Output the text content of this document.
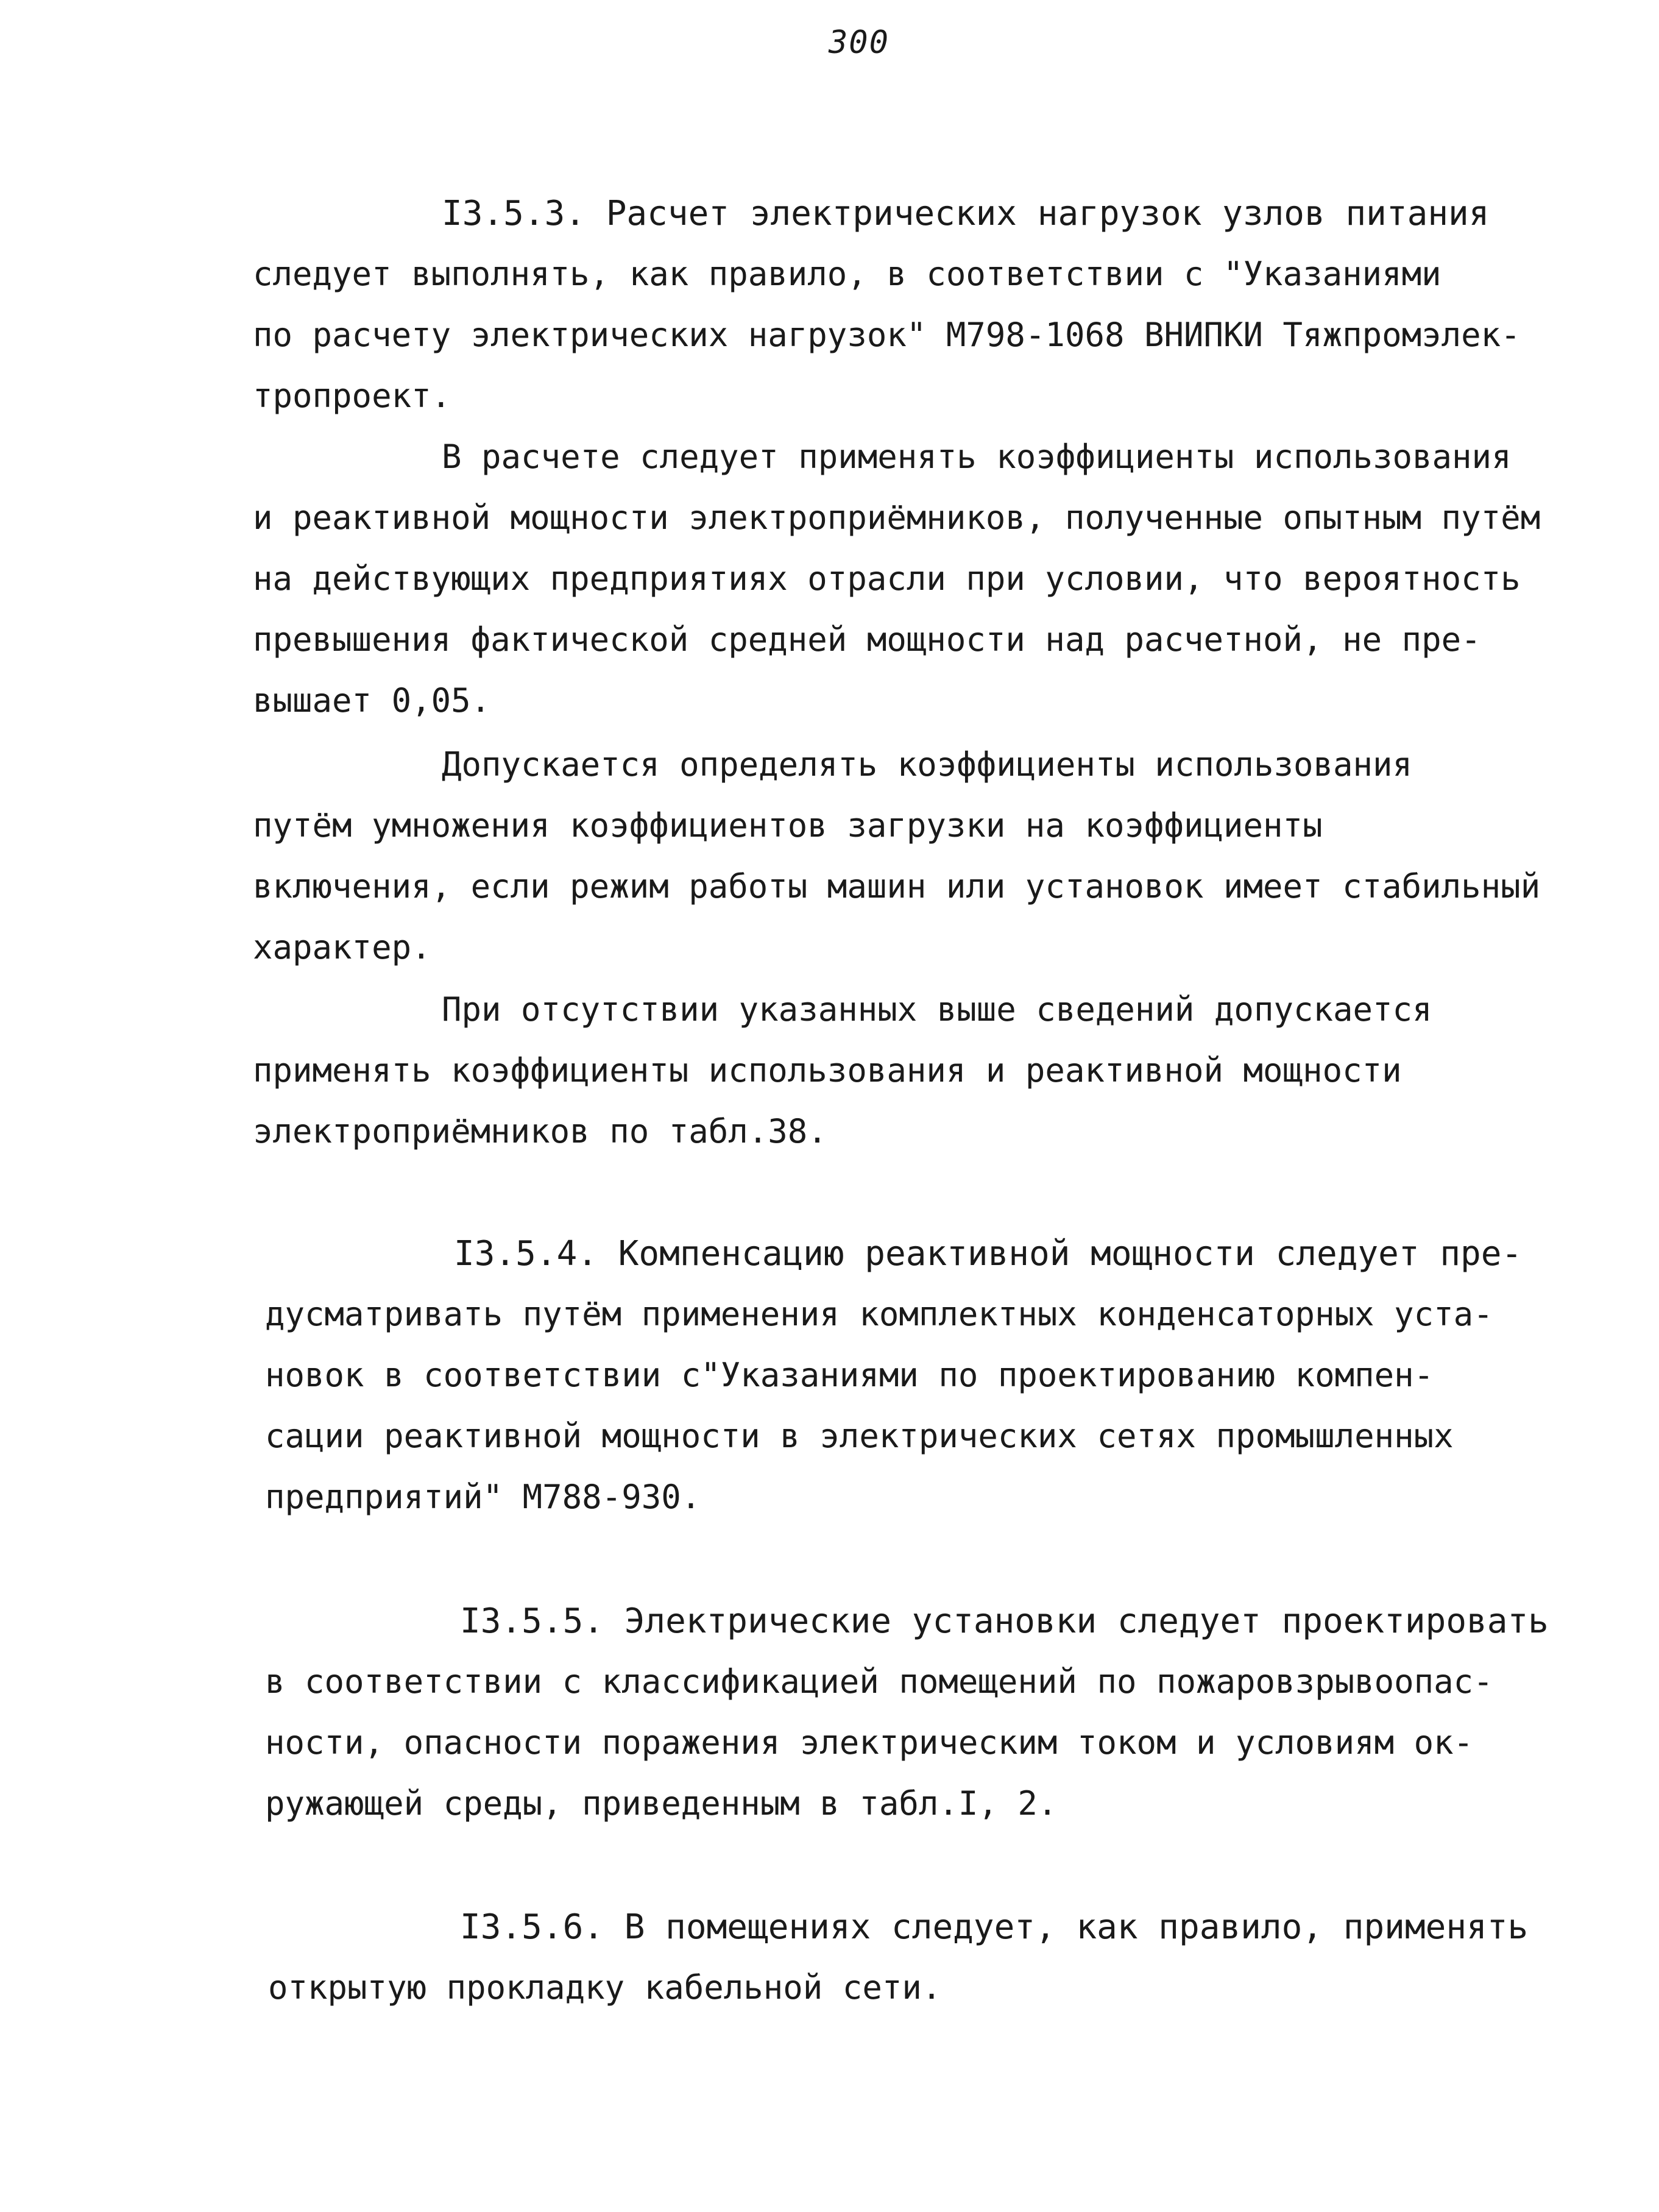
300
I3.5.3. Расчет электрических нагрузок узлов питания
следует выполнять, как правило, в соответствии с "Указаниями
по расчету электрических нагрузок" М798-1068 ВНИПКИ Тяжпромэлек-
тропроект.
В расчете следует применять коэффициенты использования
и реактивной мощности электроприёмников, полученные опытным путём
на действующих предприятиях отрасли при условии, что вероятность
превышения фактической средней мощности над расчетной, не пре-
вышает 0,05.
Допускается определять коэффициенты использования
путём умножения коэффициентов загрузки на коэффициенты
включения, если режим работы машин или установок имеет стабильный
характер.
При отсутствии указанных выше сведений допускается
применять коэффициенты использования и реактивной мощности
электроприёмников по табл.38.
I3.5.4. Компенсацию реактивной мощности следует пре-
дусматривать путём применения комплектных конденсаторных уста-
новок в соответствии с"Указаниями по проектированию компен-
сации реактивной мощности в электрических сетях промышленных
предприятий" М788-930.
I3.5.5. Электрические установки следует проектировать
в соответствии с классификацией помещений по пожаровзрывоопас-
ности, опасности поражения электрическим током и условиям ок-
ружающей среды, приведенным в табл.I, 2.
I3.5.6. В помещениях следует, как правило, применять
открытую прокладку кабельной сети.
